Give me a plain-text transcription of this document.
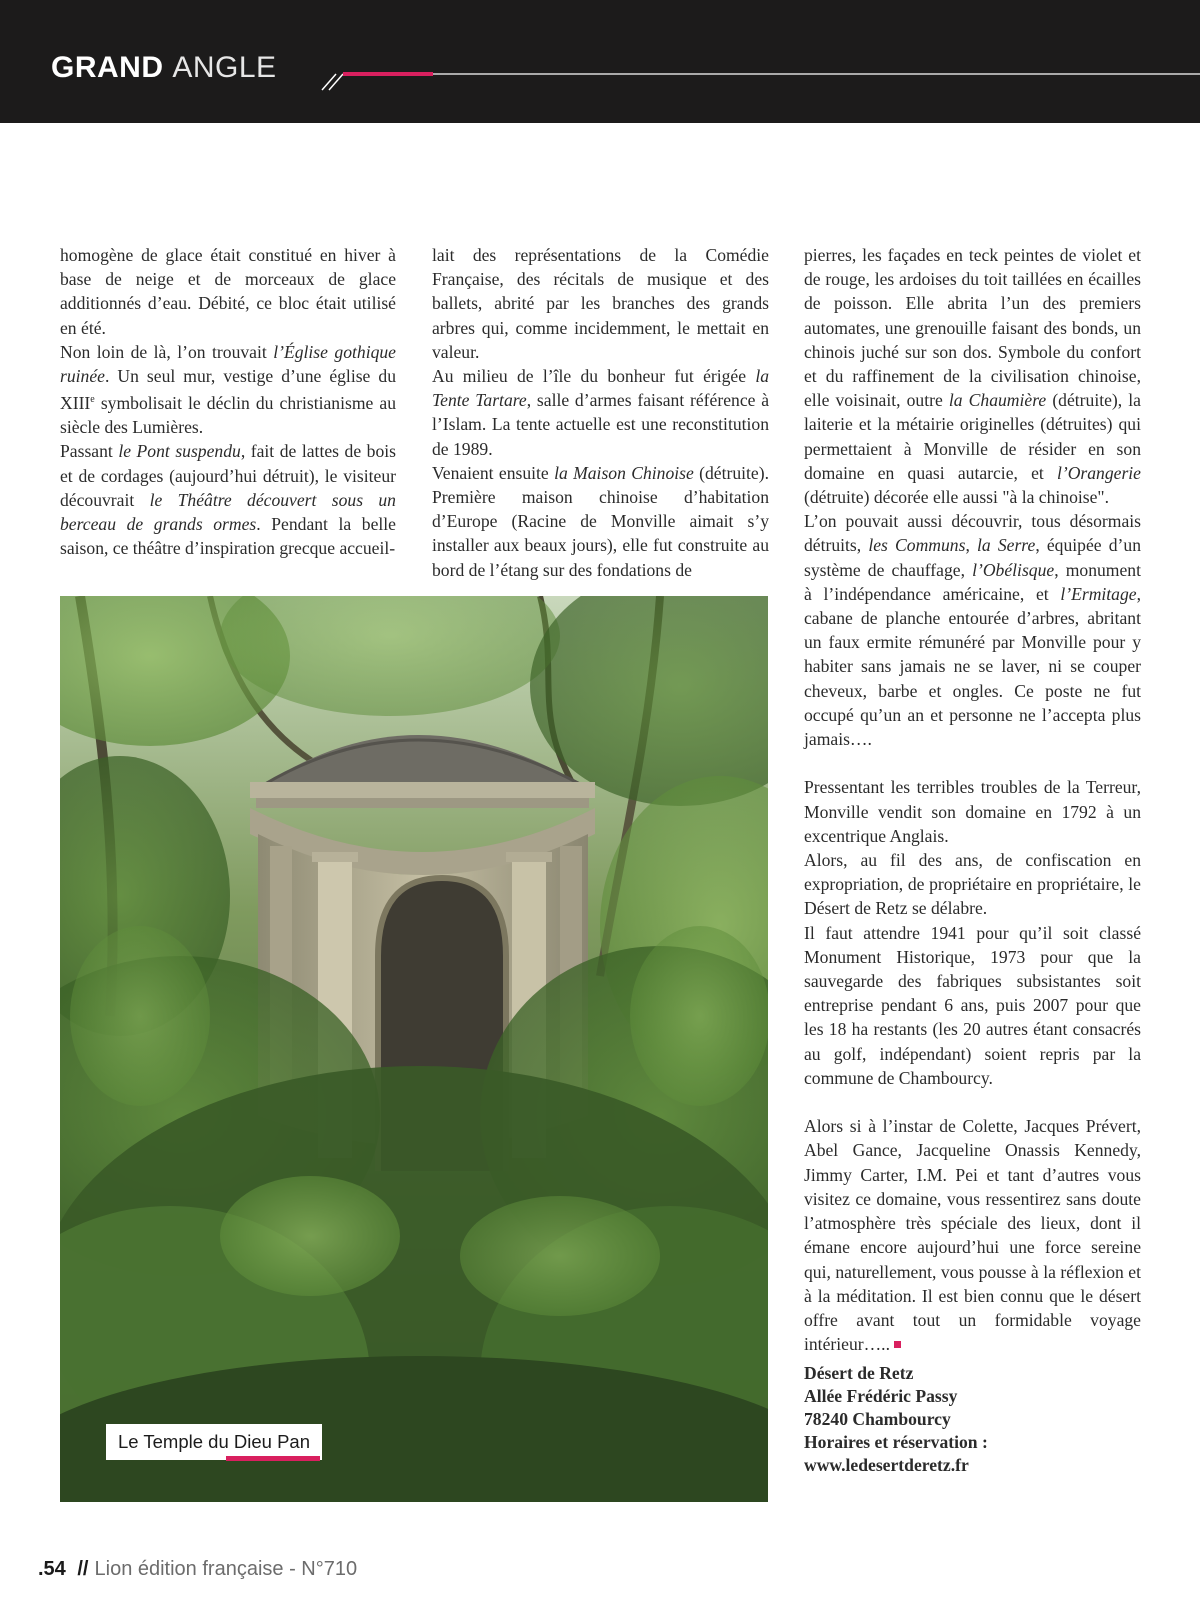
GRAND ANGLE

homogène de glace était constitué en hiver à base de neige et de morceaux de glace additionnés d’eau. Débité, ce bloc était utilisé en été.

Non loin de là, l’on trouvait l’Église gothique ruinée. Un seul mur, vestige d’une église du XIIIe symbolisait le déclin du christianisme au siècle des Lumières.

Passant le Pont suspendu, fait de lattes de bois et de cordages (aujourd’hui détruit), le visiteur découvrait le Théâtre découvert sous un berceau de grands ormes. Pendant la belle saison, ce théâtre d’inspiration grecque accueil-

lait des représentations de la Comédie Française, des récitals de musique et des ballets, abrité par les branches des grands arbres qui, comme incidemment, le mettait en valeur.

Au milieu de l’île du bonheur fut érigée la Tente Tartare, salle d’armes faisant référence à l’Islam. La tente actuelle est une reconstitution de 1989.

Venaient ensuite la Maison Chinoise (détruite). Première maison chinoise d’habitation d’Europe (Racine de Monville aimait s’y installer aux beaux jours), elle fut construite au bord de l’étang sur des fondations de

pierres, les façades en teck peintes de violet et de rouge, les ardoises du toit taillées en écailles de poisson. Elle abrita l’un des premiers automates, une grenouille faisant des bonds, un chinois juché sur son dos. Symbole du confort et du raffinement de la civilisation chinoise, elle voisinait, outre la Chaumière (détruite), la laiterie et la métairie originelles (détruites) qui permettaient à Monville de résider en son domaine en quasi autarcie, et l’Orangerie (détruite) décorée elle aussi "à la chinoise".

L’on pouvait aussi découvrir, tous désormais détruits, les Communs, la Serre, équipée d’un système de chauffage, l’Obélisque, monument à l’indépendance américaine, et l’Ermitage, cabane de planche entourée d’arbres, abritant un faux ermite rémunéré par Monville pour y habiter sans jamais ne se laver, ni se couper cheveux, barbe et ongles. Ce poste ne fut occupé qu’un an et personne ne l’accepta plus jamais….

Pressentant les terribles troubles de la Terreur, Monville vendit son domaine en 1792 à un excentrique Anglais.

Alors, au fil des ans, de confiscation en expropriation, de propriétaire en propriétaire, le Désert de Retz se délabre.

Il faut attendre 1941 pour qu’il soit classé Monument Historique, 1973 pour que la sauvegarde des fabriques subsistantes soit entreprise pendant 6 ans, puis 2007 pour que les 18 ha restants (les 20 autres étant consacrés au golf, indépendant) soient repris par la commune de Chambourcy.

Alors si à l’instar de Colette, Jacques Prévert, Abel Gance, Jacqueline Onassis Kennedy, Jimmy Carter, I.M. Pei et tant d’autres vous visitez ce domaine, vous ressentirez sans doute l’atmosphère très spéciale des lieux, dont il émane encore aujourd’hui une force sereine qui, naturellement, vous pousse à la réflexion et à la méditation. Il est bien connu que le désert offre avant tout un formidable voyage intérieur…..

Désert de Retz

Allée Frédéric Passy

78240 Chambourcy

Horaires et réservation :

www.ledesertderetz.fr

Le Temple du Dieu Pan
.54 // Lion édition française - N°710
